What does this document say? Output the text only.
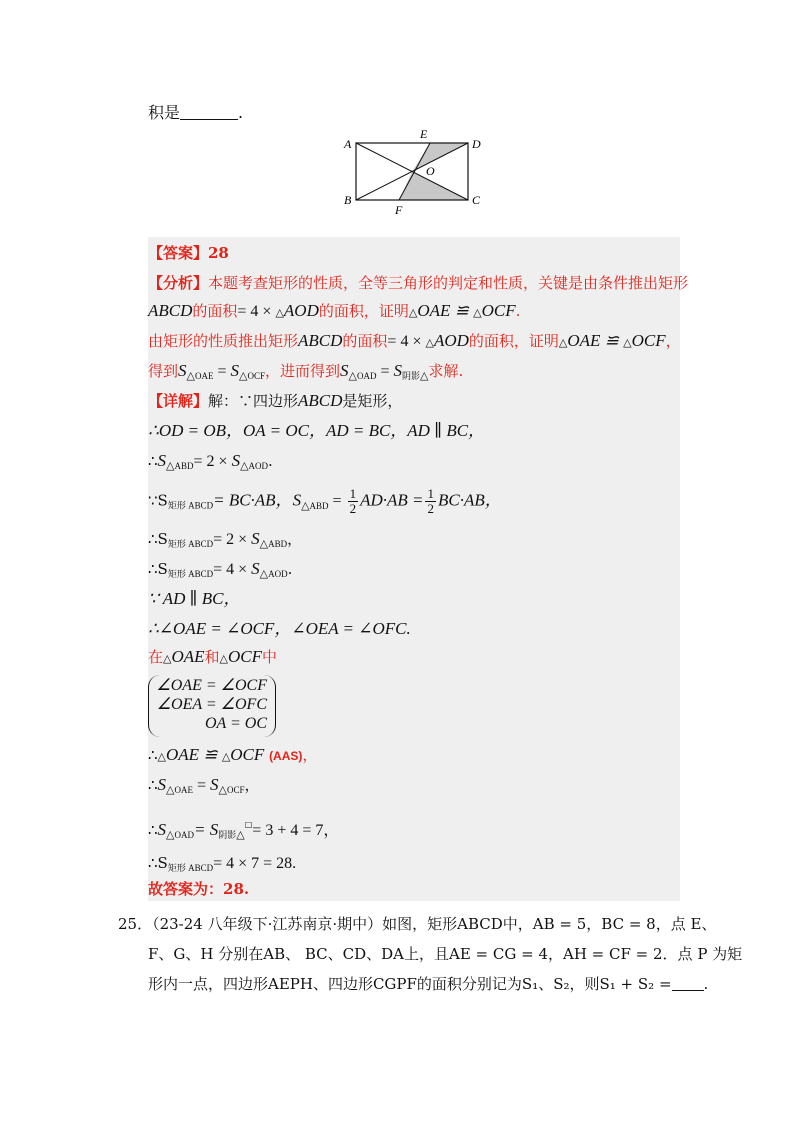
积是	.
A
B	C
D
E
F
O
【答案】28
【分析】本题考查矩形的性质，全等三角形的判定和性质，关键是由条件推出矩形
ABCD的面积= 4 × △AOD的面积，证明△OAE ≌ △OCF.
由矩形的性质推出矩形ABCD的面积= 4 × △AOD的面积，证明△OAE ≌ △OCF，
得到$S_{\triangle OAE} = S_{\triangle OCF}$，进而得到$S_{\triangle OAD} = S_{阴影\triangle}$求解.
【详解】解：∵四边形ABCD是矩形，
∴OD = OB，OA = OC，AD = BC，AD ∥ BC，
$\therefore S_{\triangle ABD}= 2 \times S_{\triangle AOD}$.
$\because S_{矩形 ABCD}= BC\cdot AB$，$S_{\triangle ABD} = \frac{1}{2} AD\cdot AB = \frac{1}{2} BC\cdot AB$，
$\therefore S_{矩形 ABCD}= 2 \times S_{\triangle ABD}$，
$\therefore S_{矩形 ABCD}= 4 \times S_{\triangle AOD}$.
∵ AD ∥ BC，
∴∠OAE = ∠OCF，∠OEA = ∠OFC.
在△OAE和△OCF中
∠OAE = ∠OCF
∠OEA = ∠OFC
OA = OC
∴△OAE ≌ △OCF (AAS)，
$\therefore S_{\triangle OAE} = S_{\triangle OCF}$，
$\therefore S_{\triangle OAD}= S_{阴影\triangle}^□= 3 + 4 = 7$，
$\therefore S_{矩形 ABCD}= 4 \times 7 = 28$.
故答案为：28.
25．（23-24 八年级下·江苏南京·期中）如图，矩形ABCD中，AB = 5，BC = 8，点 E、
F、G、H 分别在AB、 BC、CD、DA上，且AE = CG = 4，AH = CF = 2．点 P 为矩
形内一点，四边形AEPH、四边形CGPF的面积分别记为S₁、S₂，则S₁ + S₂ = .
